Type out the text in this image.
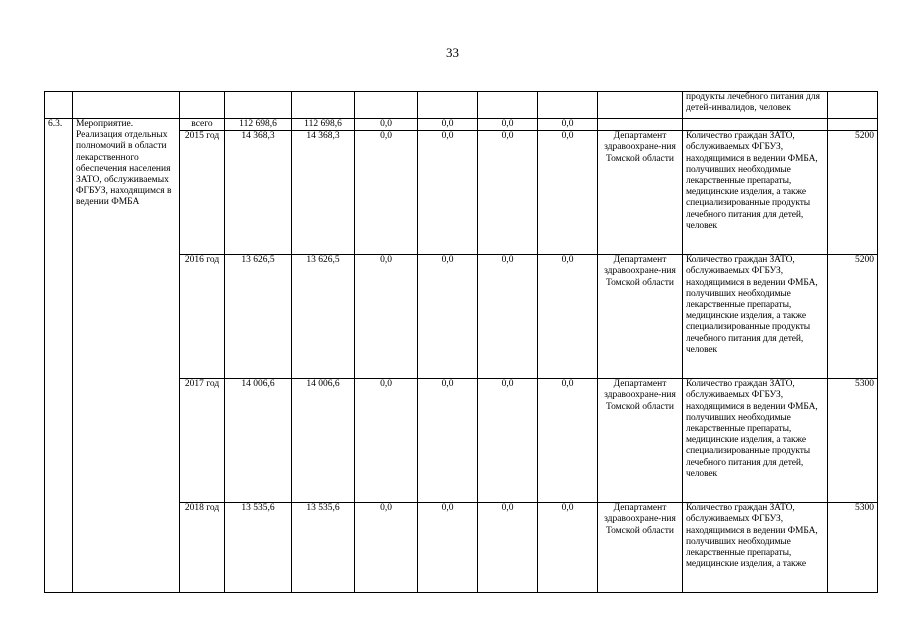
33
										продукты лечебного питания для детей-инвалидов, человек	
6.3.	Мероприятие. Реализация отдельных полномочий в области лекарственного обеспечения населения ЗАТО, обслуживаемых ФГБУЗ, находящимся в ведении ФМБА	всего	112 698,6	112 698,6	0,0	0,0	0,0	0,0			
		2015 год	14 368,3	14 368,3	0,0	0,0	0,0	0,0	Департамент здравоохране-ния Томской области	Количество граждан ЗАТО, обслуживаемых ФГБУЗ, находящимися в ведении ФМБА, получивших необходимые лекарственные препараты, медицинские изделия, а также специализированные продукты лечебного питания для детей, человек	5200
		2016 год	13 626,5	13 626,5	0,0	0,0	0,0	0,0	Департамент здравоохране-ния Томской области	Количество граждан ЗАТО, обслуживаемых ФГБУЗ, находящимися в ведении ФМБА, получивших необходимые лекарственные препараты, медицинские изделия, а также специализированные продукты лечебного питания для детей, человек	5200
		2017 год	14 006,6	14 006,6	0,0	0,0	0,0	0,0	Департамент здравоохране-ния Томской области	Количество граждан ЗАТО, обслуживаемых ФГБУЗ, находящимися в ведении ФМБА, получивших необходимые лекарственные препараты, медицинские изделия, а также специализированные продукты лечебного питания для детей, человек	5300
		2018 год	13 535,6	13 535,6	0,0	0,0	0,0	0,0	Департамент здравоохране-ния Томской области	Количество граждан ЗАТО, обслуживаемых ФГБУЗ, находящимися в ведении ФМБА, получивших необходимые лекарственные препараты, медицинские изделия, а также	5300
